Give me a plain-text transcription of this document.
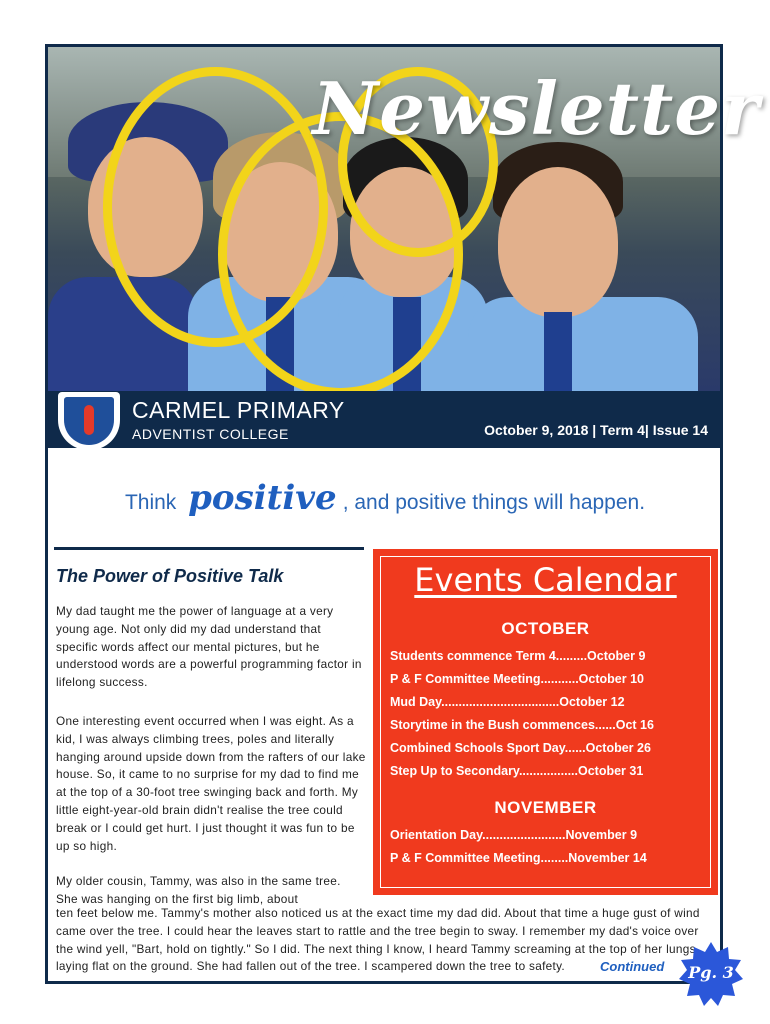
Newsletter
CARMEL PRIMARY
ADVENTIST COLLEGE	October 9, 2018 | Term 4| Issue 14
Think positive , and positive things will happen.
The Power of Positive Talk

My dad taught me the power of language at a very young age. Not only did my dad understand that specific words affect our mental pictures, but he understood words are a powerful programming factor in lifelong success.

One interesting event occurred when I was eight. As a kid, I was always climbing trees, poles and literally hanging around upside down from the rafters of our lake house. So, it came to no surprise for my dad to find me at the top of a 30-foot tree swinging back and forth. My little eight-year-old brain didn't realise the tree could break or I could get hurt. I just thought it was fun to be up so high.

My older cousin, Tammy, was also in the same tree. She was hanging on the first big limb, about

ten feet below me. Tammy's mother also noticed us at the exact time my dad did. About that time a huge gust of wind came over the tree. I could hear the leaves start to rattle and the tree begin to sway. I remember my dad's voice over the wind yell, "Bart, hold on tightly." So I did. The next thing I know, I heard Tammy screaming at the top of her lungs, laying flat on the ground. She had fallen out of the tree. I scampered down the tree to safety.	Continued	Pg. 3
Events Calendar
OCTOBER
Students commence Term 4.........October 9
P & F Committee Meeting...........October 10
Mud Day..................................October 12
Storytime in the Bush commences......Oct 16
Combined Schools Sport Day......October 26
Step Up to Secondary.................October 31
NOVEMBER
Orientation Day........................November 9
P & F Committee Meeting........November 14
